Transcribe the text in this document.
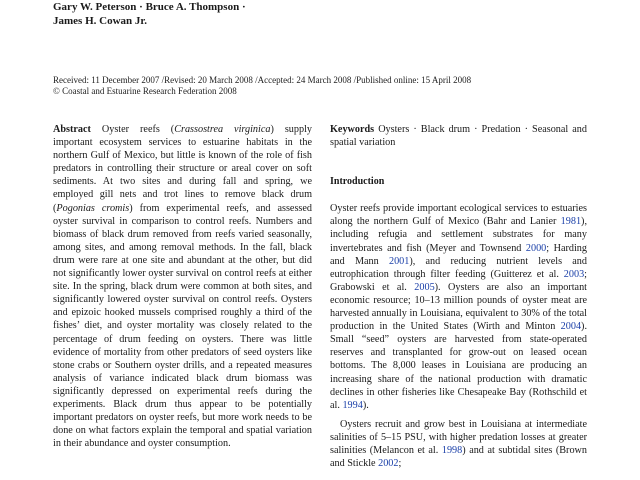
Gary W. Peterson · Bruce A. Thompson ·
James H. Cowan Jr.
Received: 11 December 2007 /Revised: 20 March 2008 /Accepted: 24 March 2008 /Published online: 15 April 2008
© Coastal and Estuarine Research Federation 2008

Abstract Oyster reefs (Crassostrea virginica) supply important ecosystem services to estuarine habitats in the northern Gulf of Mexico, but little is known of the role of fish predators in controlling their structure or areal cover on soft sediments. At two sites and during fall and spring, we employed gill nets and trot lines to remove black drum (Pogonias cromis) from experimental reefs, and assessed oyster survival in comparison to control reefs. Numbers and biomass of black drum removed from reefs varied seasonally, among sites, and among removal methods. In the fall, black drum were rare at one site and abundant at the other, but did not significantly lower oyster survival on control reefs at either site. In the spring, black drum were common at both sites, and significantly lowered oyster survival on control reefs. Oysters and epizoic hooked mussels comprised roughly a third of the fishes’ diet, and oyster mortality was closely related to the percentage of drum feeding on oysters. There was little evidence of mortality from other predators of seed oysters like stone crabs or Southern oyster drills, and a repeated measures analysis of variance indicated black drum biomass was significantly depressed on experimental reefs during the experiments. Black drum thus appear to be potentially important predators on oyster reefs, but more work needs to be done on what factors explain the temporal and spatial variation in their abundance and oyster consumption.

Keywords Oysters · Black drum · Predation · Seasonal and spatial variation

Introduction

Oyster reefs provide important ecological services to estuaries along the northern Gulf of Mexico (Bahr and Lanier 1981), including refugia and settlement substrates for many invertebrates and fish (Meyer and Townsend 2000; Harding and Mann 2001), and reducing nutrient levels and eutrophication through filter feeding (Guitterez et al. 2003; Grabowski et al. 2005). Oysters are also an important economic resource; 10–13 million pounds of oyster meat are harvested annually in Louisiana, equivalent to 30% of the total production in the United States (Wirth and Minton 2004). Small “seed” oysters are harvested from state-operated reserves and transplanted for grow-out on leased ocean bottoms. The 8,000 leases in Louisiana are producing an increasing share of the national production with dramatic declines in other fisheries like Chesapeake Bay (Rothschild et al. 1994).

Oysters recruit and grow best in Louisiana at intermediate salinities of 5–15 PSU, with higher predation losses at greater salinities (Melancon et al. 1998) and at subtidal sites (Brown and Stickle 2002;
